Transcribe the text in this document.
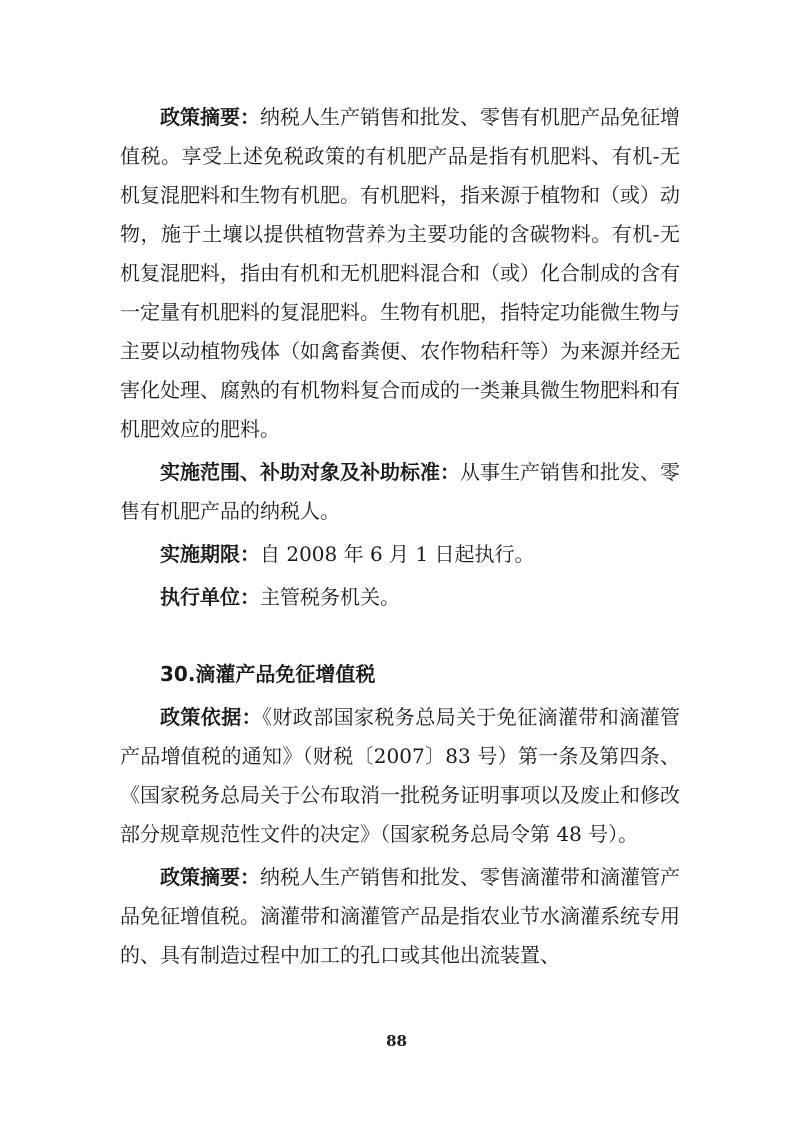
政策摘要：纳税人生产销售和批发、零售有机肥产品免征增值税。享受上述免税政策的有机肥产品是指有机肥料、有机-无机复混肥料和生物有机肥。有机肥料，指来源于植物和（或）动物，施于土壤以提供植物营养为主要功能的含碳物料。有机-无机复混肥料，指由有机和无机肥料混合和（或）化合制成的含有一定量有机肥料的复混肥料。生物有机肥，指特定功能微生物与主要以动植物残体（如禽畜粪便、农作物秸秆等）为来源并经无害化处理、腐熟的有机物料复合而成的一类兼具微生物肥料和有机肥效应的肥料。

实施范围、补助对象及补助标准：从事生产销售和批发、零售有机肥产品的纳税人。

实施期限：自 2008 年 6 月 1 日起执行。

执行单位：主管税务机关。

30.滴灌产品免征增值税

政策依据：《财政部国家税务总局关于免征滴灌带和滴灌管产品增值税的通知》（财税〔2007〕83 号）第一条及第四条、《国家税务总局关于公布取消一批税务证明事项以及废止和修改部分规章规范性文件的决定》（国家税务总局令第 48 号）。

政策摘要：纳税人生产销售和批发、零售滴灌带和滴灌管产品免征增值税。滴灌带和滴灌管产品是指农业节水滴灌系统专用的、具有制造过程中加工的孔口或其他出流装置、

88
